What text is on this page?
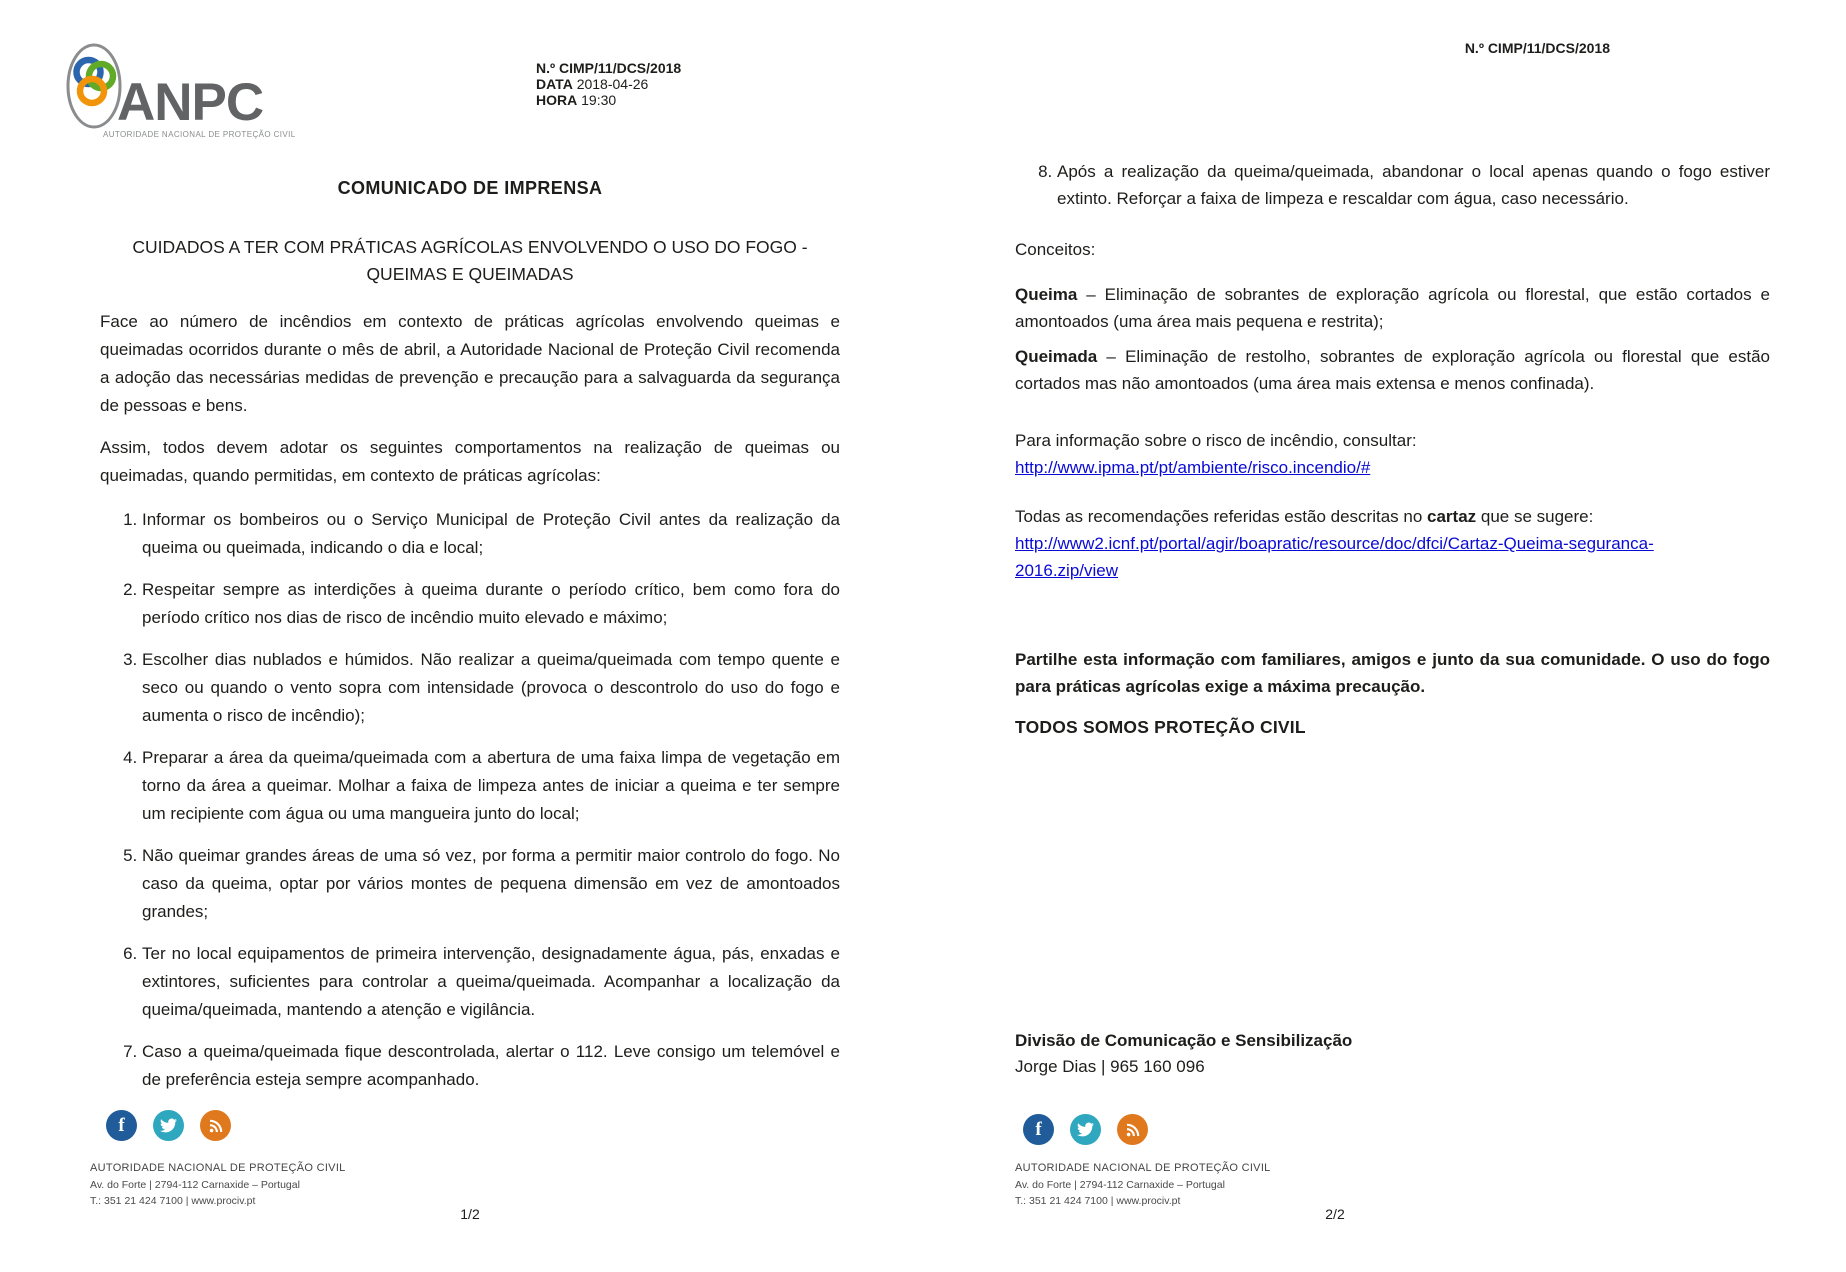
ANPC
AUTORIDADE NACIONAL DE PROTEÇÃO CIVIL
N.º CIMP/11/DCS/2018
DATA 2018-04-26
HORA 19:30
COMUNICADO DE IMPRENSA
CUIDADOS A TER COM PRÁTICAS AGRÍCOLAS ENVOLVENDO O USO DO FOGO - QUEIMAS E QUEIMADAS

Face ao número de incêndios em contexto de práticas agrícolas envolvendo queimas e queimadas ocorridos durante o mês de abril, a Autoridade Nacional de Proteção Civil recomenda a adoção das necessárias medidas de prevenção e precaução para a salvaguarda da segurança de pessoas e bens.

Assim, todos devem adotar os seguintes comportamentos na realização de queimas ou queimadas, quando permitidas, em contexto de práticas agrícolas:

1. Informar os bombeiros ou o Serviço Municipal de Proteção Civil antes da realização da queima ou queimada, indicando o dia e local;
2. Respeitar sempre as interdições à queima durante o período crítico, bem como fora do período crítico nos dias de risco de incêndio muito elevado e máximo;
3. Escolher dias nublados e húmidos. Não realizar a queima/queimada com tempo quente e seco ou quando o vento sopra com intensidade (provoca o descontrolo do uso do fogo e aumenta o risco de incêndio);
4. Preparar a área da queima/queimada com a abertura de uma faixa limpa de vegetação em torno da área a queimar. Molhar a faixa de limpeza antes de iniciar a queima e ter sempre um recipiente com água ou uma mangueira junto do local;
5. Não queimar grandes áreas de uma só vez, por forma a permitir maior controlo do fogo. No caso da queima, optar por vários montes de pequena dimensão em vez de amontoados grandes;
6. Ter no local equipamentos de primeira intervenção, designadamente água, pás, enxadas e extintores, suficientes para controlar a queima/queimada. Acompanhar a localização da queima/queimada, mantendo a atenção e vigilância.
7. Caso a queima/queimada fique descontrolada, alertar o 112. Leve consigo um telemóvel e de preferência esteja sempre acompanhado.
f
AUTORIDADE NACIONAL DE PROTEÇÃO CIVIL
Av. do Forte | 2794-112 Carnaxide – Portugal
T.: 351 21 424 7100 | www.prociv.pt
1/2
N.º CIMP/11/DCS/2018
8. Após a realização da queima/queimada, abandonar o local apenas quando o fogo estiver extinto. Reforçar a faixa de limpeza e rescaldar com água, caso necessário.

Conceitos:

Queima – Eliminação de sobrantes de exploração agrícola ou florestal, que estão cortados e amontoados (uma área mais pequena e restrita);

Queimada – Eliminação de restolho, sobrantes de exploração agrícola ou florestal que estão cortados mas não amontoados (uma área mais extensa e menos confinada).

Para informação sobre o risco de incêndio, consultar:

http://www.ipma.pt/pt/ambiente/risco.incendio/#

Todas as recomendações referidas estão descritas no cartaz que se sugere:

http://www2.icnf.pt/portal/agir/boapratic/resource/doc/dfci/Cartaz-Queima-seguranca-2016.zip/view

Partilhe esta informação com familiares, amigos e junto da sua comunidade. O uso do fogo para práticas agrícolas exige a máxima precaução.

TODOS SOMOS PROTEÇÃO CIVIL

Divisão de Comunicação e Sensibilização
Jorge Dias | 965 160 096
f
AUTORIDADE NACIONAL DE PROTEÇÃO CIVIL
Av. do Forte | 2794-112 Carnaxide – Portugal
T.: 351 21 424 7100 | www.prociv.pt
2/2
